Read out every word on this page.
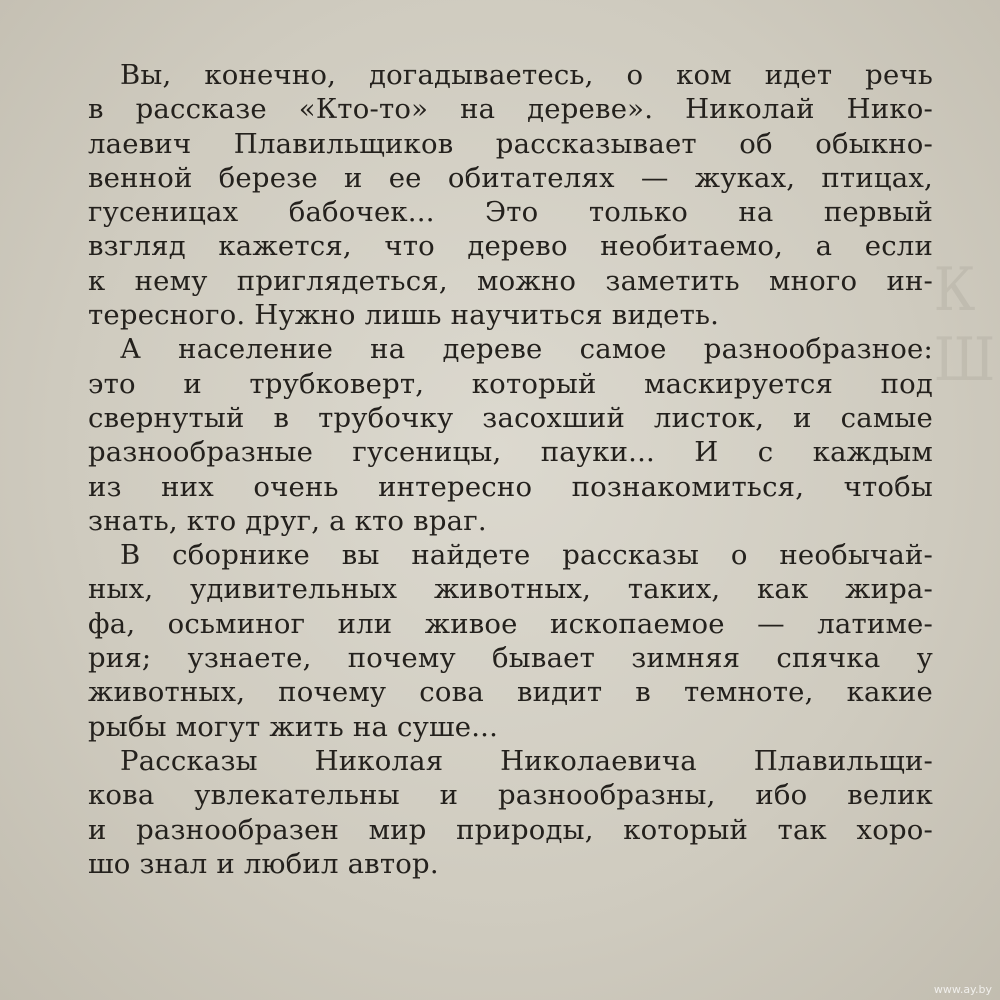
К Ш
Вы, конечно, догадываетесь, о ком идет речь
в рассказе «Кто-то» на дереве». Николай Нико-
лаевич Плавильщиков рассказывает об обыкно-
венной березе и ее обитателях — жуках, птицах,
гусеницах бабочек... Это только на первый
взгляд кажется, что дерево необитаемо, а если
к нему приглядеться, можно заметить много ин-
тересного. Нужно лишь научиться видеть.
А население на дереве самое разнообразное:
это и трубковерт, который маскируется под
свернутый в трубочку засохший листок, и самые
разнообразные гусеницы, пауки... И с каждым
из них очень интересно познакомиться, чтобы
знать, кто друг, а кто враг.
В сборнике вы найдете рассказы о необычай-
ных, удивительных животных, таких, как жира-
фа, осьминог или живое ископаемое — латиме-
рия; узнаете, почему бывает зимняя спячка у
животных, почему сова видит в темноте, какие
рыбы могут жить на суше...
Рассказы Николая Николаевича Плавильщи-
кова увлекательны и разнообразны, ибо велик
и разнообразен мир природы, который так хоро-
шо знал и любил автор.
www.ay.by
